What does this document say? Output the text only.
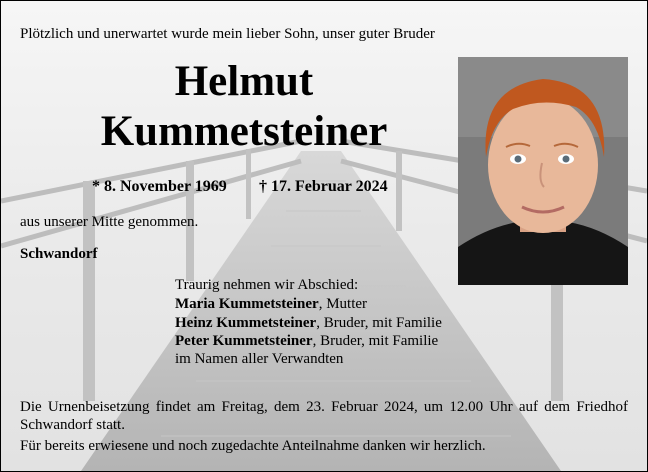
Plötzlich und unerwartet wurde mein lieber Sohn, unser guter Bruder
Helmut
Kummetsteiner
* 8. November 1969 † 17. Februar 2024
aus unserer Mitte genommen.
Schwandorf
Traurig nehmen wir Abschied:
Maria Kummetsteiner, Mutter
Heinz Kummetsteiner, Bruder, mit Familie
Peter Kummetsteiner, Bruder, mit Familie
im Namen aller Verwandten
Die Urnenbeisetzung findet am Freitag, dem 23. Februar 2024, um 12.00 Uhr auf dem Friedhof Schwandorf statt.
Für bereits erwiesene und noch zugedachte Anteilnahme danken wir herzlich.
